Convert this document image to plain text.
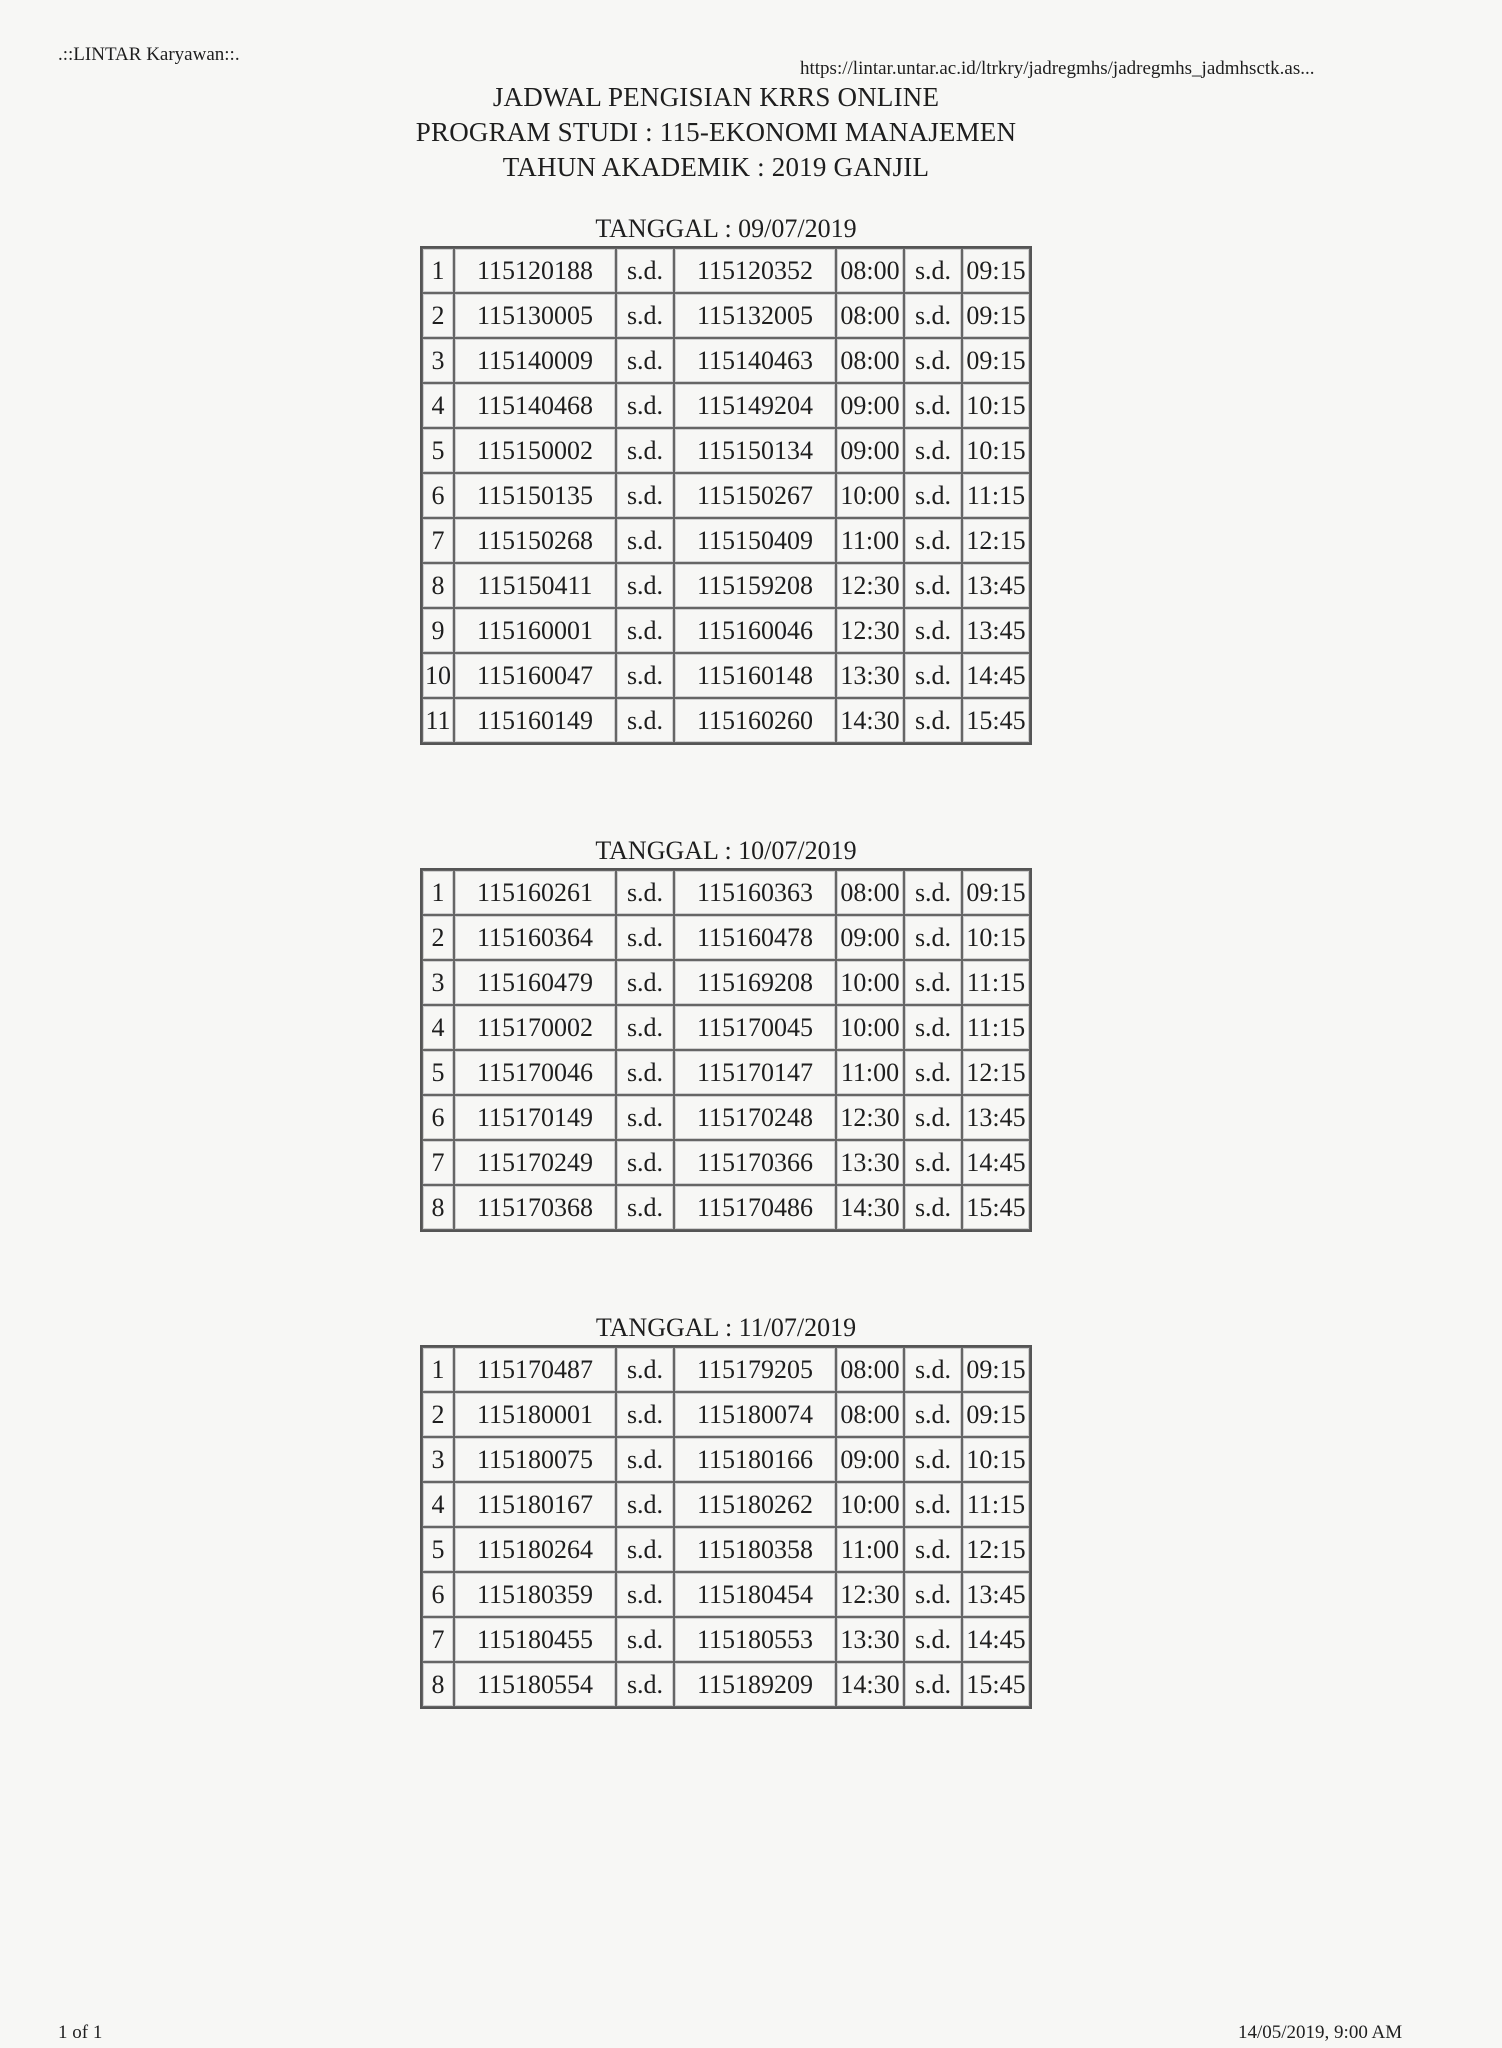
.::LINTAR Karyawan::.
https://lintar.untar.ac.id/ltrkry/jadregmhs/jadregmhs_jadmhsctk.as...
JADWAL PENGISIAN KRRS ONLINE
PROGRAM STUDI : 115-EKONOMI MANAJEMEN
TAHUN AKADEMIK : 2019 GANJIL
TANGGAL : 09/07/2019
1	115120188	s.d.	115120352	08:00	s.d.	09:15
2	115130005	s.d.	115132005	08:00	s.d.	09:15
3	115140009	s.d.	115140463	08:00	s.d.	09:15
4	115140468	s.d.	115149204	09:00	s.d.	10:15
5	115150002	s.d.	115150134	09:00	s.d.	10:15
6	115150135	s.d.	115150267	10:00	s.d.	11:15
7	115150268	s.d.	115150409	11:00	s.d.	12:15
8	115150411	s.d.	115159208	12:30	s.d.	13:45
9	115160001	s.d.	115160046	12:30	s.d.	13:45
10	115160047	s.d.	115160148	13:30	s.d.	14:45
11	115160149	s.d.	115160260	14:30	s.d.	15:45
TANGGAL : 10/07/2019
1	115160261	s.d.	115160363	08:00	s.d.	09:15
2	115160364	s.d.	115160478	09:00	s.d.	10:15
3	115160479	s.d.	115169208	10:00	s.d.	11:15
4	115170002	s.d.	115170045	10:00	s.d.	11:15
5	115170046	s.d.	115170147	11:00	s.d.	12:15
6	115170149	s.d.	115170248	12:30	s.d.	13:45
7	115170249	s.d.	115170366	13:30	s.d.	14:45
8	115170368	s.d.	115170486	14:30	s.d.	15:45
TANGGAL : 11/07/2019
1	115170487	s.d.	115179205	08:00	s.d.	09:15
2	115180001	s.d.	115180074	08:00	s.d.	09:15
3	115180075	s.d.	115180166	09:00	s.d.	10:15
4	115180167	s.d.	115180262	10:00	s.d.	11:15
5	115180264	s.d.	115180358	11:00	s.d.	12:15
6	115180359	s.d.	115180454	12:30	s.d.	13:45
7	115180455	s.d.	115180553	13:30	s.d.	14:45
8	115180554	s.d.	115189209	14:30	s.d.	15:45
1 of 1	14/05/2019, 9:00 AM
